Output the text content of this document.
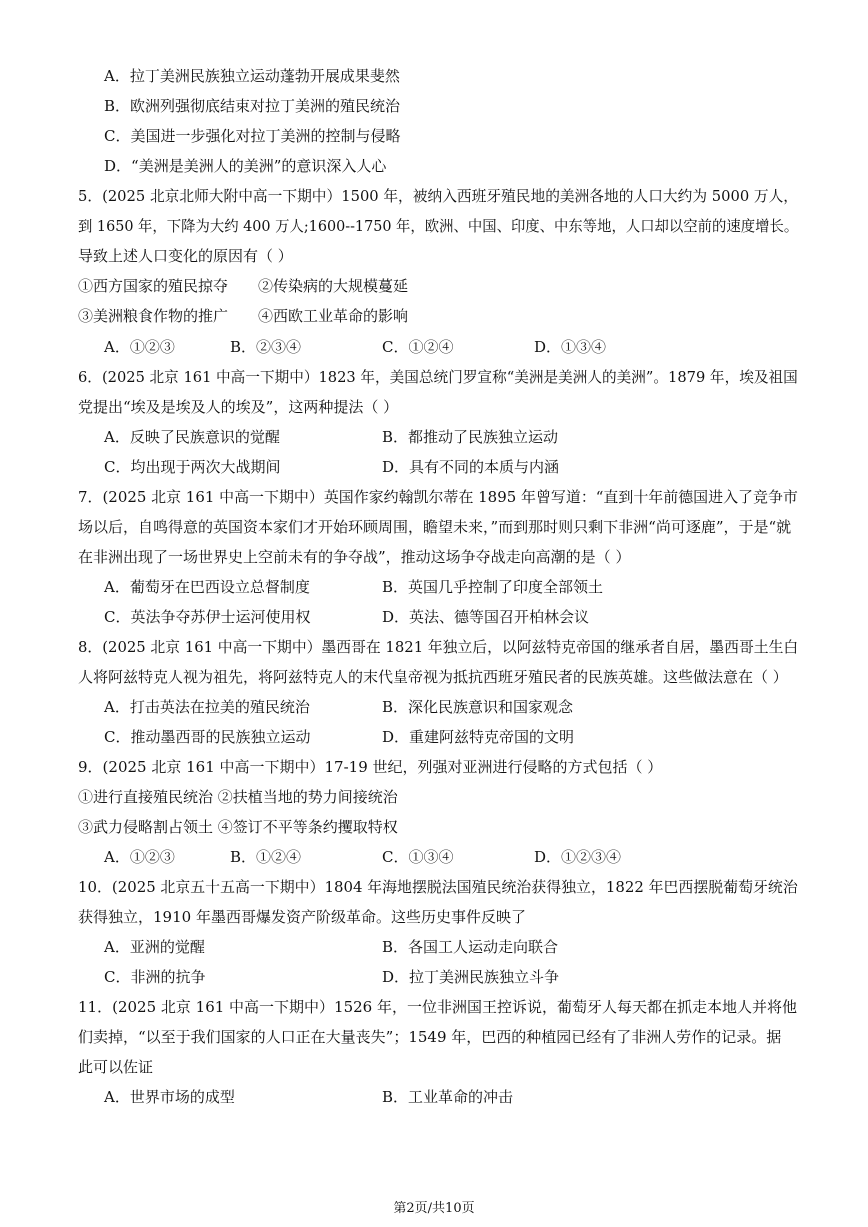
A．拉丁美洲民族独立运动蓬勃开展成果斐然
B．欧洲列强彻底结束对拉丁美洲的殖民统治
C．美国进一步强化对拉丁美洲的控制与侵略
D．“美洲是美洲人的美洲”的意识深入人心
5．(2025 北京北师大附中高一下期中）1500 年，被纳入西班牙殖民地的美洲各地的人口大约为 5000 万人，
到 1650 年，下降为大约 400 万人;1600--1750 年，欧洲、中国、印度、中东等地，人口却以空前的速度增长。
导致上述人口变化的原因有（ ）
①西方国家的殖民掠夺　　②传染病的大规模蔓延
③美洲粮食作物的推广　　④西欧工业革命的影响
A．①②③	B．②③④	C．①②④	D．①③④
6．(2025 北京 161 中高一下期中）1823 年，美国总统门罗宣称“美洲是美洲人的美洲”。1879 年，埃及祖国
党提出“埃及是埃及人的埃及”，这两种提法（ ）
A．反映了民族意识的觉醒	B．都推动了民族独立运动
C．均出现于两次大战期间	D．具有不同的本质与内涵
7．(2025 北京 161 中高一下期中）英国作家约翰凯尔蒂在 1895 年曾写道：“直到十年前德国进入了竞争市
场以后，自鸣得意的英国资本家们才开始环顾周围，瞻望未来，”而到那时则只剩下非洲“尚可逐鹿”，于是“就
在非洲出现了一场世界史上空前未有的争夺战”，推动这场争夺战走向高潮的是（ ）
A．葡萄牙在巴西设立总督制度	B．英国几乎控制了印度全部领土
C．英法争夺苏伊士运河使用权	D．英法、德等国召开柏林会议
8．(2025 北京 161 中高一下期中）墨西哥在 1821 年独立后，以阿兹特克帝国的继承者自居，墨西哥土生白
人将阿兹特克人视为祖先，将阿兹特克人的末代皇帝视为抵抗西班牙殖民者的民族英雄。这些做法意在（ ）
A．打击英法在拉美的殖民统治	B．深化民族意识和国家观念
C．推动墨西哥的民族独立运动	D．重建阿兹特克帝国的文明
9．(2025 北京 161 中高一下期中）17-19 世纪，列强对亚洲进行侵略的方式包括（ ）
①进行直接殖民统治 ②扶植当地的势力间接统治
③武力侵略割占领土 ④签订不平等条约攫取特权
A．①②③	B．①②④	C．①③④	D．①②③④
10．(2025 北京五十五高一下期中）1804 年海地摆脱法国殖民统治获得独立，1822 年巴西摆脱葡萄牙统治
获得独立，1910 年墨西哥爆发资产阶级革命。这些历史事件反映了
A．亚洲的觉醒	B．各国工人运动走向联合
C．非洲的抗争	D．拉丁美洲民族独立斗争
11．(2025 北京 161 中高一下期中）1526 年，一位非洲国王控诉说，葡萄牙人每天都在抓走本地人并将他
们卖掉，“以至于我们国家的人口正在大量丧失”；1549 年，巴西的种植园已经有了非洲人劳作的记录。据
此可以佐证
A．世界市场的成型	B．工业革命的冲击
第2页/共10页
